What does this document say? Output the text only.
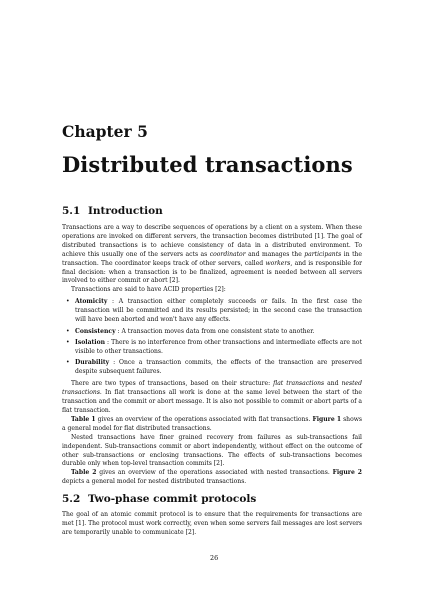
Chapter 5
Distributed transactions
5.1 Introduction

Transactions are a way to describe sequences of operations by a client on a system. When these operations are invoked on different servers, the transaction becomes distributed [1]. The goal of distributed transactions is to achieve consistency of data in a distributed environment. To achieve this usually one of the servers acts as coordinator and manages the participants in the transaction. The coordinator keeps track of other servers, called workers, and is responsible for final decision: when a transaction is to be finalized, agreement is needed between all servers involved to either commit or abort [2].

Transactions are said to have ACID properties [2]:

• Atomicity : A transaction either completely succeeds or fails. In the first case the transaction will be committed and its results persisted; in the second case the transaction will have been aborted and won't have any effects.
• Consistency : A transaction moves data from one consistent state to another.
• Isolation : There is no interference from other transactions and intermediate effects are not visible to other transactions.
• Durability : Once a transaction commits, the effects of the transaction are preserved despite subsequent failures.

There are two types of transactions, based on their structure: flat transactions and nested transactions. In flat transactions all work is done at the same level between the start of the transaction and the commit or abort message. It is also not possible to commit or abort parts of a flat transaction.

Table 1 gives an overview of the operations associated with flat transactions. Figure 1 shows a general model for flat distributed transactions.

Nested transactions have finer grained recovery from failures as sub-transactions fail independent. Sub-transactions commit or abort independently, without effect on the outcome of other sub-transactions or enclosing transactions. The effects of sub-transactions becomes durable only when top-level transaction commits [2].

Table 2 gives an overview of the operations associated with nested transactions. Figure 2 depicts a general model for nested distributed transactions.

5.2 Two-phase commit protocols

The goal of an atomic commit protocol is to ensure that the requirements for transactions are met [1]. The protocol must work correctly, even when some servers fail messages are lost servers are temporarily unable to communicate [2].

26
